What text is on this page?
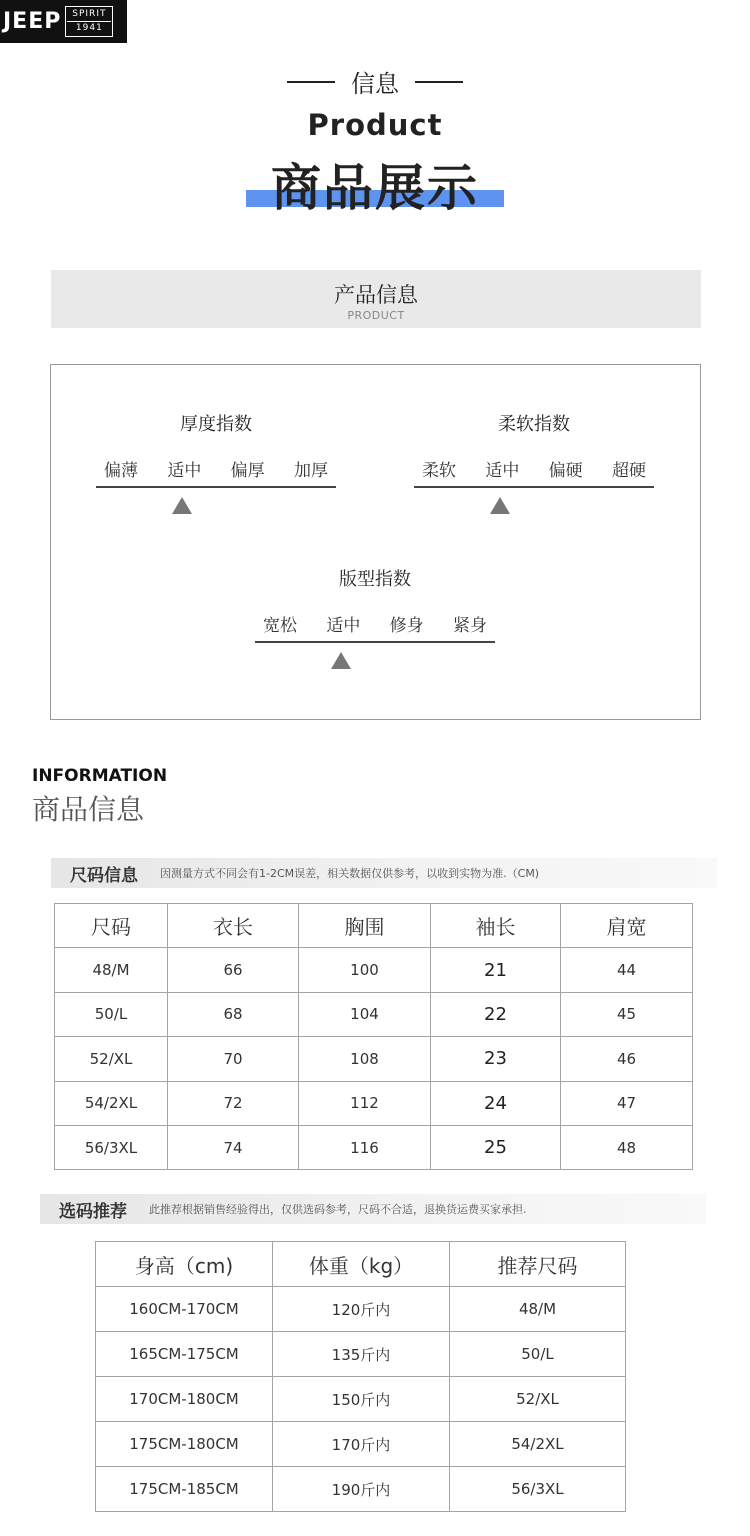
JEEP SPIRIT
1941
信息
Product
商品展示
产品信息
PRODUCT
厚度指数
偏薄	适中	偏厚	加厚
柔软指数
柔软	适中	偏硬	超硬
版型指数
宽松	适中	修身	紧身
INFORMATION
商品信息
尺码信息 因测量方式不同会有1-2CM误差，相关数据仅供参考，以收到实物为准.（CM)
尺码	衣长	胸围	袖长	肩宽
48/M	66	100	21	44
50/L	68	104	22	45
52/XL	70	108	23	46
54/2XL	72	112	24	47
56/3XL	74	116	25	48
选码推荐 此推荐根据销售经验得出，仅供选码参考，尺码不合适，退换货运费买家承担.
身高（cm)	体重（kg）	推荐尺码
160CM-170CM	120斤内	48/M
165CM-175CM	135斤内	50/L
170CM-180CM	150斤内	52/XL
175CM-180CM	170斤内	54/2XL
175CM-185CM	190斤内	56/3XL
